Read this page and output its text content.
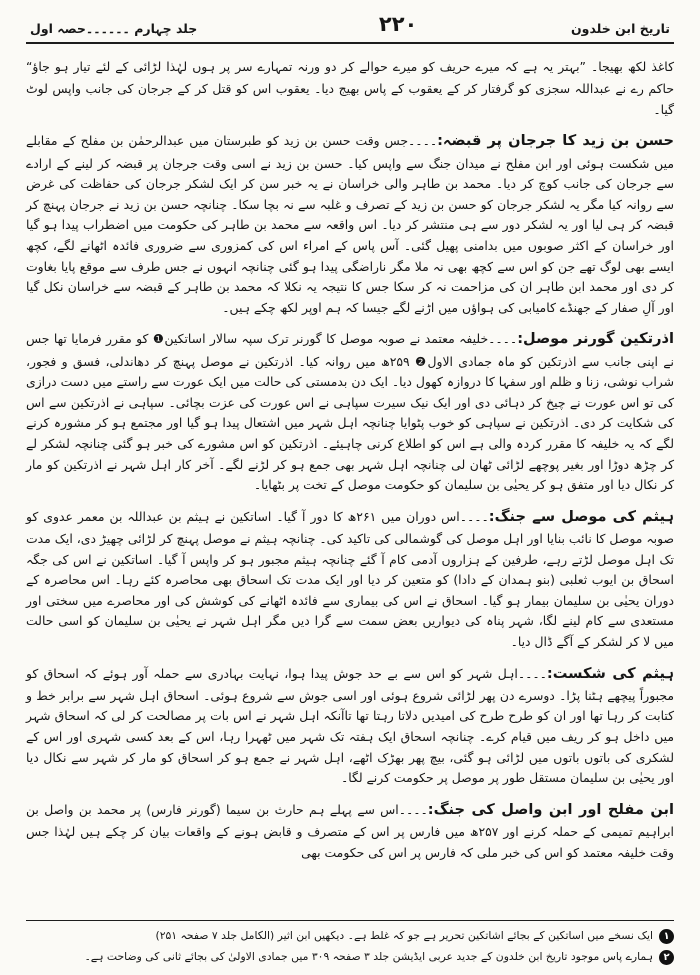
تاریخ ابن خلدون
۲۲۰
جلد چہارم ۔۔۔۔۔۔حصہ اول

کاغذ لکھ بھیجا۔ ”بہتر یہ ہے کہ میرے حریف کو میرے حوالے کر دو ورنہ تمہارے سر پر ہوں لہٰذا لڑائی کے لئے تیار ہو جاؤ“ حاکم رے نے عبداللہ سجزی کو گرفتار کر کے یعقوب کے پاس بھیج دیا۔ یعقوب اس کو قتل کر کے جرجان کی جانب واپس لوٹ گیا۔

حسن بن زید کا جرجان پر قبضہ:۔۔۔۔جس وقت حسن بن زید کو طبرستان میں عبدالرحمٰن بن مفلح کے مقابلے میں شکست ہوئی اور ابن مفلح نے میدان جنگ سے واپس کیا۔ حسن بن زید نے اسی وقت جرجان پر قبضہ کر لینے کے ارادے سے جرجان کی جانب کوچ کر دیا۔ محمد بن طاہر والی خراسان نے یہ خبر سن کر ایک لشکر جرجان کی حفاظت کی غرض سے روانہ کیا مگر یہ لشکر جرجان کو حسن بن زید کے تصرف و غلبہ سے نہ بچا سکا۔ چنانچہ حسن بن زید نے جرجان پہنچ کر قبضہ کر ہی لیا اور یہ لشکر دور سے ہی منتشر کر دیا۔ اس واقعہ سے محمد بن طاہر کی حکومت میں اضطراب پیدا ہو گیا اور خراسان کے اکثر صوبوں میں بدامنی پھیل گئی۔ آس پاس کے امراء اس کی کمزوری سے ضروری فائدہ اٹھانے لگے، کچھ ایسے بھی لوگ تھے جن کو اس سے کچھ بھی نہ ملا مگر ناراضگی پیدا ہو گئی چنانچہ انہوں نے جس طرف سے موقع پایا بغاوت کر دی اور محمد ابن طاہر ان کی مزاحمت نہ کر سکا جس کا نتیجہ یہ نکلا کہ محمد بن طاہر کے قبضہ سے خراسان نکل گیا اور آلِ صفار کے جھنڈے کامیابی کی ہواؤں میں اڑنے لگے جیسا کہ ہم اوپر لکھ چکے ہیں۔

اذرتکین گورنر موصل:۔۔۔۔خلیفہ معتمد نے صوبہ موصل کا گورنر ترک سپہ سالار اساتکین❶ کو مقرر فرمایا تھا جس نے اپنی جانب سے اذرتکین کو ماہ جمادی الاول❷ ۲۵۹ھ میں روانہ کیا۔ اذرتکین نے موصل پہنچ کر دھاندلی، فسق و فجور، شراب نوشی، زنا و ظلم اور سفہا کا دروازہ کھول دیا۔ ایک دن بدمستی کی حالت میں ایک عورت سے راستے میں دست درازی کی تو اس عورت نے چیخ کر دہائی دی اور ایک نیک سیرت سپاہی نے اس عورت کی عزت بچائی۔ سپاہی نے اذرتکین سے اس کی شکایت کر دی۔ اذرتکین نے سپاہی کو خوب پٹوایا چنانچہ اہل شہر میں اشتعال پیدا ہو گیا اور مجتمع ہو کر مشورہ کرنے لگے کہ یہ خلیفہ کا مقرر کردہ والی ہے اس کو اطلاع کرنی چاہیئے۔ اذرتکین کو اس مشورے کی خبر ہو گئی چنانچہ لشکر لے کر چڑھ دوڑا اور بغیر پوچھے لڑائی ٹھان لی چنانچہ اہل شہر بھی جمع ہو کر لڑنے لگے۔ آخر کار اہل شہر نے اذرتکین کو مار کر نکال دیا اور متفق ہو کر یحیٰی بن سلیمان کو حکومت موصل کے تخت پر بٹھایا۔

ہیثم کی موصل سے جنگ:۔۔۔۔اس دوران میں ۲۶۱ھ کا دور آ گیا۔ اساتکین نے ہیثم بن عبداللہ بن معمر عدوی کو صوبہ موصل کا نائب بنایا اور اہل موصل کی گوشمالی کی تاکید کی۔ چنانچہ ہیثم نے موصل پہنچ کر لڑائی چھیڑ دی، ایک مدت تک اہل موصل لڑتے رہے، طرفین کے ہزاروں آدمی کام آ گئے چنانچہ ہیثم مجبور ہو کر واپس آ گیا۔ اساتکین نے اس کی جگہ اسحاق بن ایوب ثعلبی (بنو ہمدان کے دادا) کو متعین کر دیا اور ایک مدت تک اسحاق بھی محاصرہ کئے رہا۔ اس محاصرہ کے دوران یحیٰی بن سلیمان بیمار ہو گیا۔ اسحاق نے اس کی بیماری سے فائدہ اٹھانے کی کوشش کی اور محاصرے میں سختی اور مستعدی سے کام لینے لگا، شہر پناہ کی دیواریں بعض سمت سے گرا دیں مگر اہل شہر نے یحیٰی بن سلیمان کو اسی حالت میں لا کر لشکر کے آگے ڈال دیا۔

ہیثم کی شکست:۔۔۔۔اہل شہر کو اس سے بے حد جوش پیدا ہوا، نہایت بہادری سے حملہ آور ہوئے کہ اسحاق کو مجبوراً پیچھے ہٹنا پڑا۔ دوسرے دن پھر لڑائی شروع ہوئی اور اسی جوش سے شروع ہوئی۔ اسحاق اہل شہر سے برابر خط و کتابت کر رہا تھا اور ان کو طرح طرح کی امیدیں دلاتا رہتا تھا تاآنکہ اہل شہر نے اس بات پر مصالحت کر لی کہ اسحاق شہر میں داخل ہو کر ریف میں قیام کرے۔ چنانچہ اسحاق ایک ہفتہ تک شہر میں ٹھہرا رہا، اس کے بعد کسی شہری اور اس کے لشکری کی باتوں باتوں میں لڑائی ہو گئی، بیچ پھر بھڑک اٹھے، اہل شہر نے جمع ہو کر اسحاق کو مار کر شہر سے نکال دیا اور یحیٰی بن سلیمان مستقل طور پر موصل پر حکومت کرنے لگا۔

ابن مفلح اور ابن واصل کی جنگ:۔۔۔۔اس سے پہلے ہم حارث بن سیما (گورنر فارس) پر محمد بن واصل بن ابراہیم تمیمی کے حملہ کرنے اور ۲۵۷ھ میں فارس پر اس کے متصرف و قابض ہونے کے واقعات بیان کر چکے ہیں لہٰذا جس وقت خلیفہ معتمد کو اس کی خبر ملی کہ فارس پر اس کی حکومت بھی

۱
ایک نسخے میں اساتکین کے بجائے اشاتکین تحریر ہے جو کہ غلط ہے۔ دیکھیں ابن اثیر (الکامل جلد ۷ صفحہ ۲۵۱)
۲
ہمارے پاس موجود تاریخ ابن خلدون کے جدید عربی ایڈیشن جلد ۳ صفحہ ۳۰۹ میں جمادی الاولیٰ کی بجائے ثانی کی وضاحت ہے۔
